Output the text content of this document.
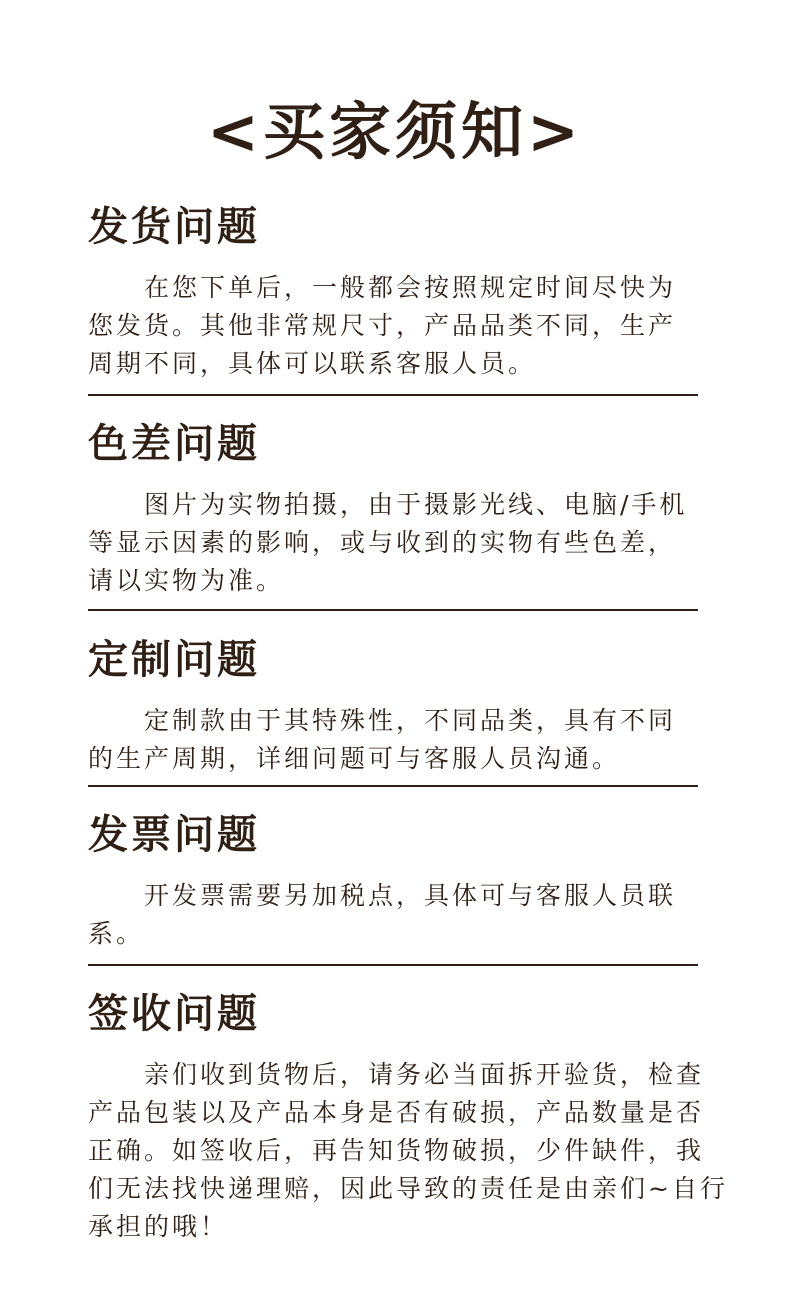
<买家须知>
发货问题

在您下单后，一般都会按照规定时间尽快为您发货。其他非常规尺寸，产品品类不同，生产周期不同，具体可以联系客服人员。

色差问题

图片为实物拍摄，由于摄影光线、电脑/手机等显示因素的影响，或与收到的实物有些色差，请以实物为准。

定制问题

定制款由于其特殊性，不同品类，具有不同的生产周期，详细问题可与客服人员沟通。

发票问题

开发票需要另加税点，具体可与客服人员联系。

签收问题

亲们收到货物后，请务必当面拆开验货，检查产品包装以及产品本身是否有破损，产品数量是否正确。如签收后，再告知货物破损，少件缺件，我们无法找快递理赔，因此导致的责任是由亲们~自行承担的哦！
